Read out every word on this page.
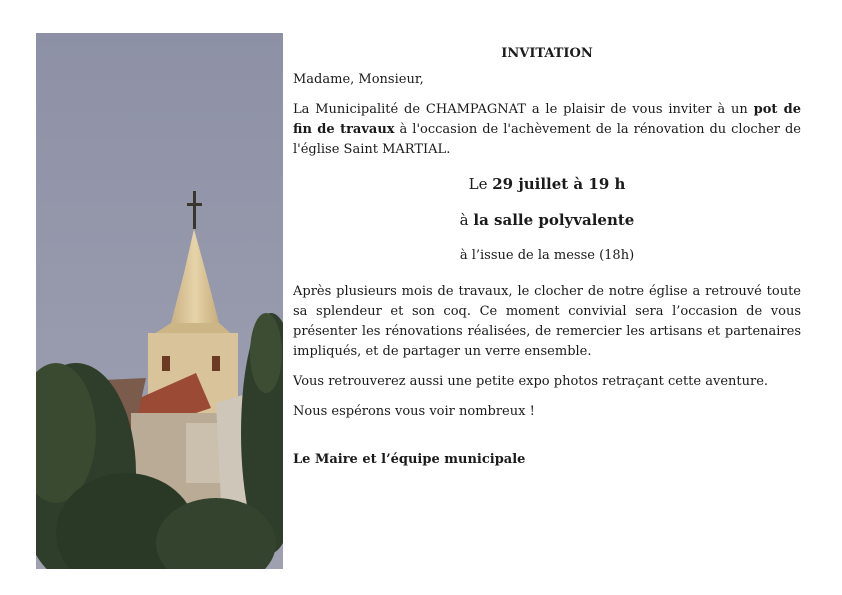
INVITATION
Madame, Monsieur,
La Municipalité de CHAMPAGNAT a le plaisir de vous inviter à un pot de fin de travaux à l'occasion de l'achèvement de la rénovation du clocher de l'église Saint MARTIAL.
Le 29 juillet à 19 h
à la salle polyvalente
à l’issue de la messe (18h)
Après plusieurs mois de travaux, le clocher de notre église a retrouvé toute sa splendeur et son coq. Ce moment convivial sera l’occasion de vous présenter les rénovations réalisées, de remercier les artisans et partenaires impliqués, et de partager un verre ensemble.
Vous retrouverez aussi une petite expo photos retraçant cette aventure.
Nous espérons vous voir nombreux !
Le Maire et l’équipe municipale
